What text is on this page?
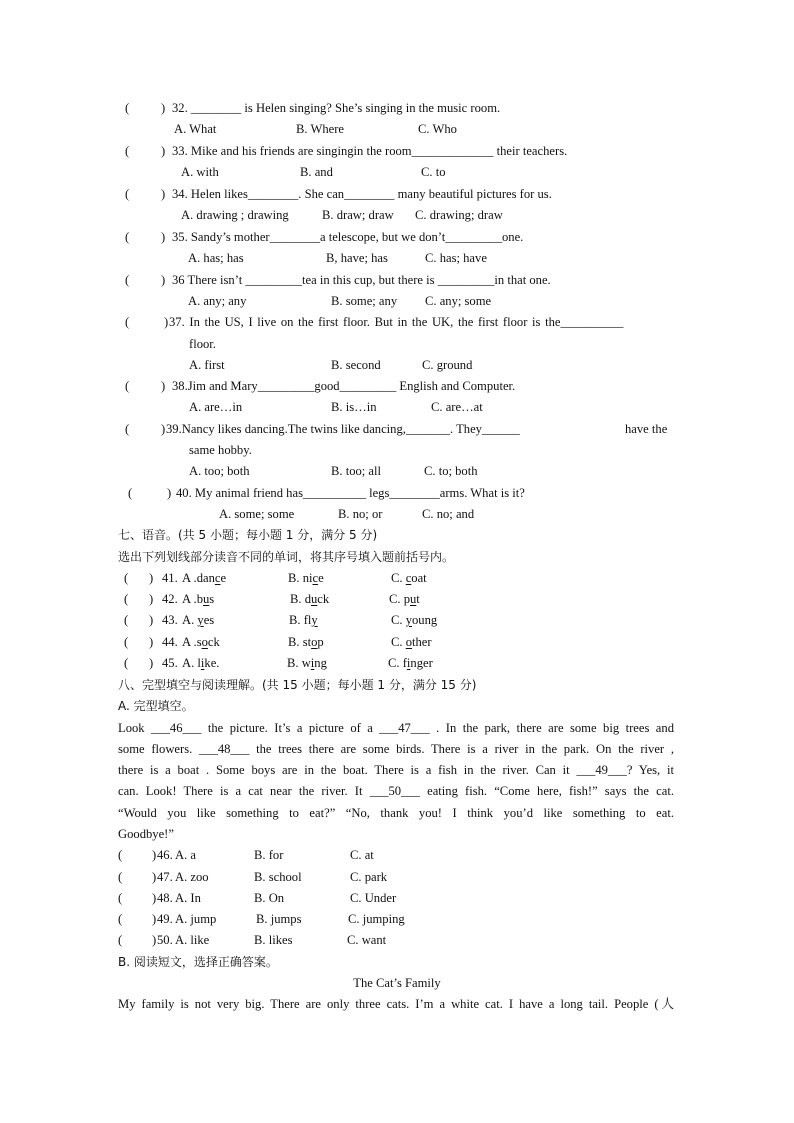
(	) 32. ________ is Helen singing? She’s singing in the music room.
A. What	B. Where	C. Who
(	) 33. Mike and his friends are singingin the room_____________ their teachers.
A. with	B. and	C. to
(	) 34. Helen likes________. She can________ many beautiful pictures for us.
A. drawing ; drawing	B. draw; draw C. drawing; draw
(	) 35. Sandy’s mother________a telescope, but we don’t_________one.
A. has; has	B, have; has	C. has; have
(	) 36 There isn’t _________tea in this cup, but there is _________in that one.
A. any; any	B. some; any C. any; some
(	) 37. In the US, I live on the first floor. But in the UK, the first floor is the__________
floor.
A. first	B. second	C. ground
(	) 38.Jim and Mary_________good_________ English and Computer.
A. are…in	B. is…in	C. are…at
(	) 39.Nancy likes dancing.The twins like dancing,_______. They______	have the
same hobby.
A. too; both	B. too; all	C. to; both
(	) 40. My animal friend has__________ legs________arms. What is it?
A. some; some	B. no; or	C. no; and
七、语音。(共 5 小题；每小题 1 分，满分 5 分)
选出下列划线部分读音不同的单词，将其序号填入题前括号内。
( ) 41. A .dance	B. nice	C. coat
( ) 42. A .bus	B. duck	C. put
( ) 43. A. yes	B. fly	C. young
( ) 44. A .sock	B. stop	C. other
( ) 45. A. like.	B. wing	C. finger
八、完型填空与阅读理解。(共 15 小题；每小题 1 分，满分 15 分)
A. 完型填空。
Look ___46___ the picture. It’s a picture of a ___47___ . In the park, there are some big trees and
some flowers. ___48___ the trees there are some birds. There is a river in the park. On the river ,
there is a boat . Some boys are in the boat. There is a fish in the river. Can it ___49___? Yes, it
can. Look! There is a cat near the river. It ___50___ eating fish. “Come here, fish!” says the cat.
“Would you like something to eat?” “No, thank you! I think you’d like something to eat.
Goodbye!”
( ) 46. A. a	B. for	C. at
( ) 47. A. zoo	B. school	C. park
( ) 48. A. In	B. On	C. Under
( ) 49. A. jump	B. jumps	C. jumping
( ) 50. A. like	B. likes	C. want
B. 阅读短文，选择正确答案。
The Cat’s Family
My family is not very big. There are only three cats. I’m a white cat. I have a long tail. People (人
